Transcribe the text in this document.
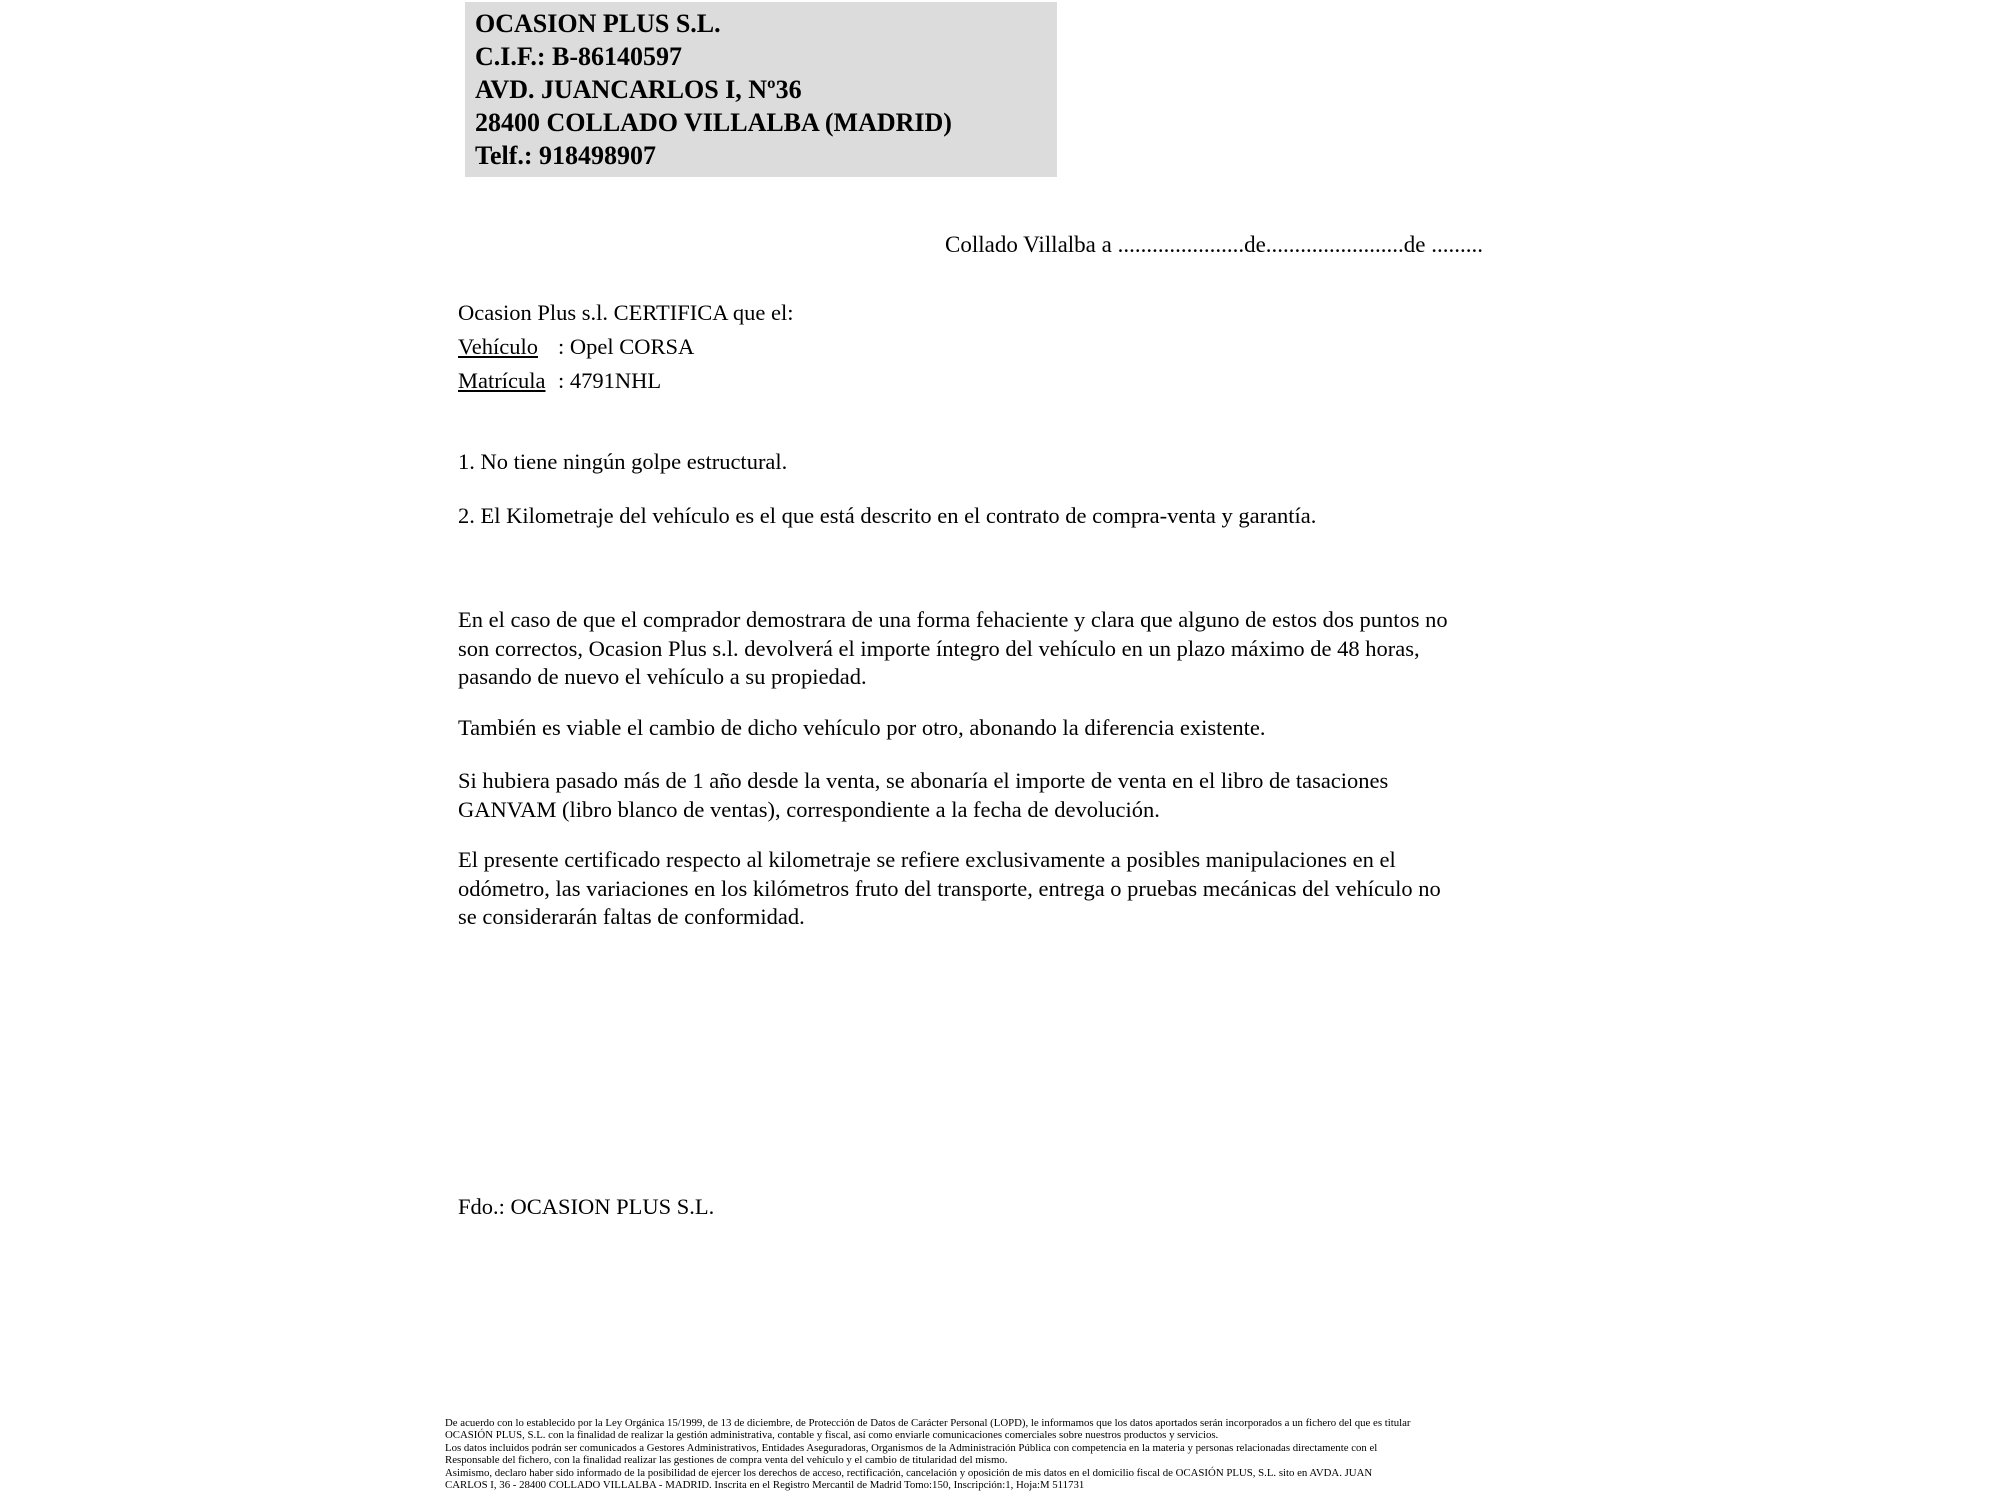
OCASION PLUS S.L.
C.I.F.: B-86140597
AVD. JUANCARLOS I, Nº36
28400 COLLADO VILLALBA (MADRID)
Telf.: 918498907
Collado Villalba a ......................de........................de .........
Ocasion Plus s.l. CERTIFICA que el:
Vehículo : Opel CORSA
Matrícula : 4791NHL
1. No tiene ningún golpe estructural.
2. El Kilometraje del vehículo es el que está descrito en el contrato de compra-venta y garantía.
En el caso de que el comprador demostrara de una forma fehaciente y clara que alguno de estos dos puntos no
son correctos, Ocasion Plus s.l. devolverá el importe íntegro del vehículo en un plazo máximo de 48 horas,
pasando de nuevo el vehículo a su propiedad.
También es viable el cambio de dicho vehículo por otro, abonando la diferencia existente.
Si hubiera pasado más de 1 año desde la venta, se abonaría el importe de venta en el libro de tasaciones
GANVAM (libro blanco de ventas), correspondiente a la fecha de devolución.
El presente certificado respecto al kilometraje se refiere exclusivamente a posibles manipulaciones en el
odómetro, las variaciones en los kilómetros fruto del transporte, entrega o pruebas mecánicas del vehículo no
se considerarán faltas de conformidad.
Fdo.: OCASION PLUS S.L.
De acuerdo con lo establecido por la Ley Orgánica 15/1999, de 13 de diciembre, de Protección de Datos de Carácter Personal (LOPD), le informamos que los datos aportados serán incorporados a un fichero del que es titular
OCASIÓN PLUS, S.L. con la finalidad de realizar la gestión administrativa, contable y fiscal, así como enviarle comunicaciones comerciales sobre nuestros productos y servicios.
Los datos incluidos podrán ser comunicados a Gestores Administrativos, Entidades Aseguradoras, Organismos de la Administración Pública con competencia en la materia y personas relacionadas directamente con el
Responsable del fichero, con la finalidad realizar las gestiones de compra venta del vehículo y el cambio de titularidad del mismo.
Asimismo, declaro haber sido informado de la posibilidad de ejercer los derechos de acceso, rectificación, cancelación y oposición de mis datos en el domicilio fiscal de OCASIÓN PLUS, S.L. sito en AVDA. JUAN
CARLOS I, 36 - 28400 COLLADO VILLALBA - MADRID. Inscrita en el Registro Mercantil de Madrid Tomo:150, Inscripción:1, Hoja:M 511731
